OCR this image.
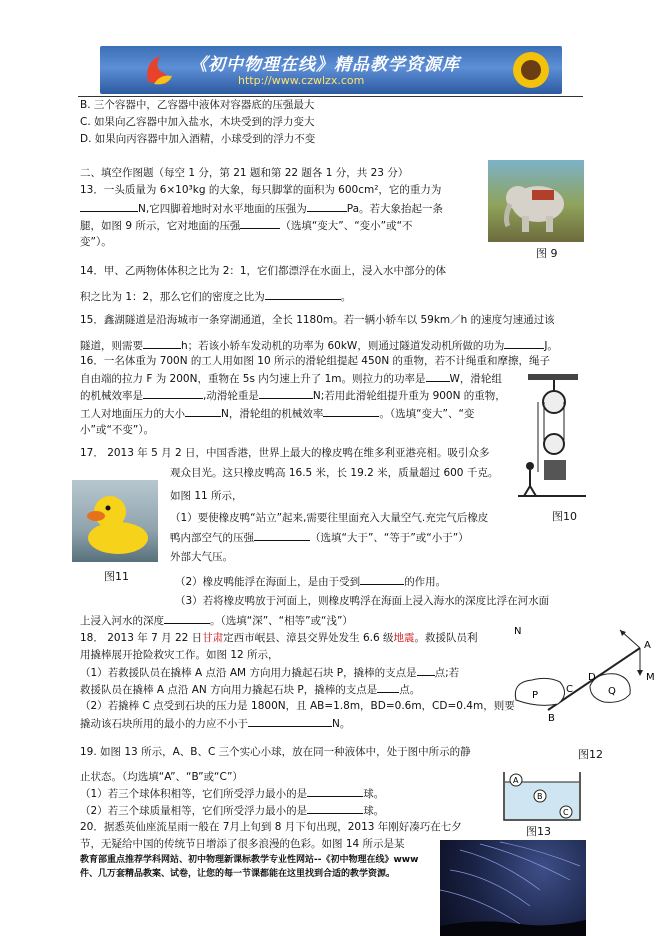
《初中物理在线》精品教学资源库
http://www.czwlzx.com
B. 三个容器中，乙容器中液体对容器底的压强最大
C. 如果向乙容器中加入盐水，木块受到的浮力变大
D. 如果向丙容器中加入酒精，小球受到的浮力不变
二、填空作图题（每空 1 分，第 21 题和第 22 题各 1 分，共 23 分）
13．一头质量为 6×10³kg 的大象，每只脚掌的面积为 600cm²，它的重力为
N,它四脚着地时对水平地面的压强为	Pa。若大象抬起一条
腿，如图 9 所示，它对地面的压强	（选填“变大”、“变小”或“不
变”）。
图 9
14．甲、乙两物体体积之比为 2：1，它们都漂浮在水面上，浸入水中部分的体
积之比为 1：2，那么它们的密度之比为	。
15．鑫湖隧道是沿海城市一条穿湖通道，全长 1180m。若一辆小轿车以 59km／h 的速度匀速通过该
隧道，则需要	h；若该小轿车发动机的功率为 60kW，则通过隧道发动机所做的功为	J。
16．一名体重为 700N 的工人用如图 10 所示的滑轮组提起 450N 的重物，若不计绳重和摩擦，绳子
自由端的拉力 F 为 200N，重物在 5s 内匀速上升了 1m。则拉力的功率是 W，滑轮组
的机械效率是	,动滑轮重是	N;若用此滑轮组提升重为 900N 的重物，
工人对地面压力的大小	N，滑轮组的机械效率	。（选填“变大”、“变
小”或“不变”）。
图10
17． 2013 年 5 月 2 日，中国香港，世界上最大的橡皮鸭在维多利亚港亮相。吸引众多
观众目光。这只橡皮鸭高 16.5 米，长 19.2 米，质量超过 600 千克。
如图 11 所示，
（1）要使橡皮鸭“站立”起来,需要往里面充入大量空气.充完气后橡皮
鸭内部空气的压强	（选填“大于”、“等于”或“小于”）
外部大气压。
（2）橡皮鸭能浮在海面上，是由于受到	的作用。
（3）若将橡皮鸭放于河面上，则橡皮鸭浮在海面上浸入海水的深度比浮在河水面
上浸入河水的深度	。（选填“深”、“相等”或“浅”）
图11
18． 2013 年 7 月 22 日甘肃定西市岷县、漳县交界处发生 6.6 级地震。救援队员利
用撬棒展开抢险救灾工作。如图 12 所示，
（1）若救援队员在撬棒 A 点沿 AM 方向用力撬起石块 P，撬棒的支点是 点;若
救援队员在撬棒 A 点沿 AN 方向用力撬起石块 P，撬棒的支点是 点。
（2）若撬棒 C 点受到石块的压力是 1800N，且 AB=1.8m，BD=0.6m，CD=0.4m，则要
撬动该石块所用的最小的力应不小于	N。
N
A
M
D
C
P	Q
B
图12
19. 如图 13 所示，A、B、C 三个实心小球，放在同一种液体中，处于图中所示的静
止状态。（均选填“A”、“B”或“C”）
（1）若三个球体积相等，它们所受浮力最小的是	球。
（2）若三个球质量相等，它们所受浮力最小的是	球。
A
B
C
图13
20．据悉英仙座流星雨一般在 7月上旬到 8 月下旬出现，2013 年刚好凑巧在七夕
节，无疑给中国的传统节日增添了很多浪漫的色彩。如图 14 所示是某
教育部重点推荐学科网站、初中物理新课标教学专业性网站--《初中物理在线》www
件、几万套精品教案、试卷，让您的每一节课都能在这里找到合适的教学资源。
